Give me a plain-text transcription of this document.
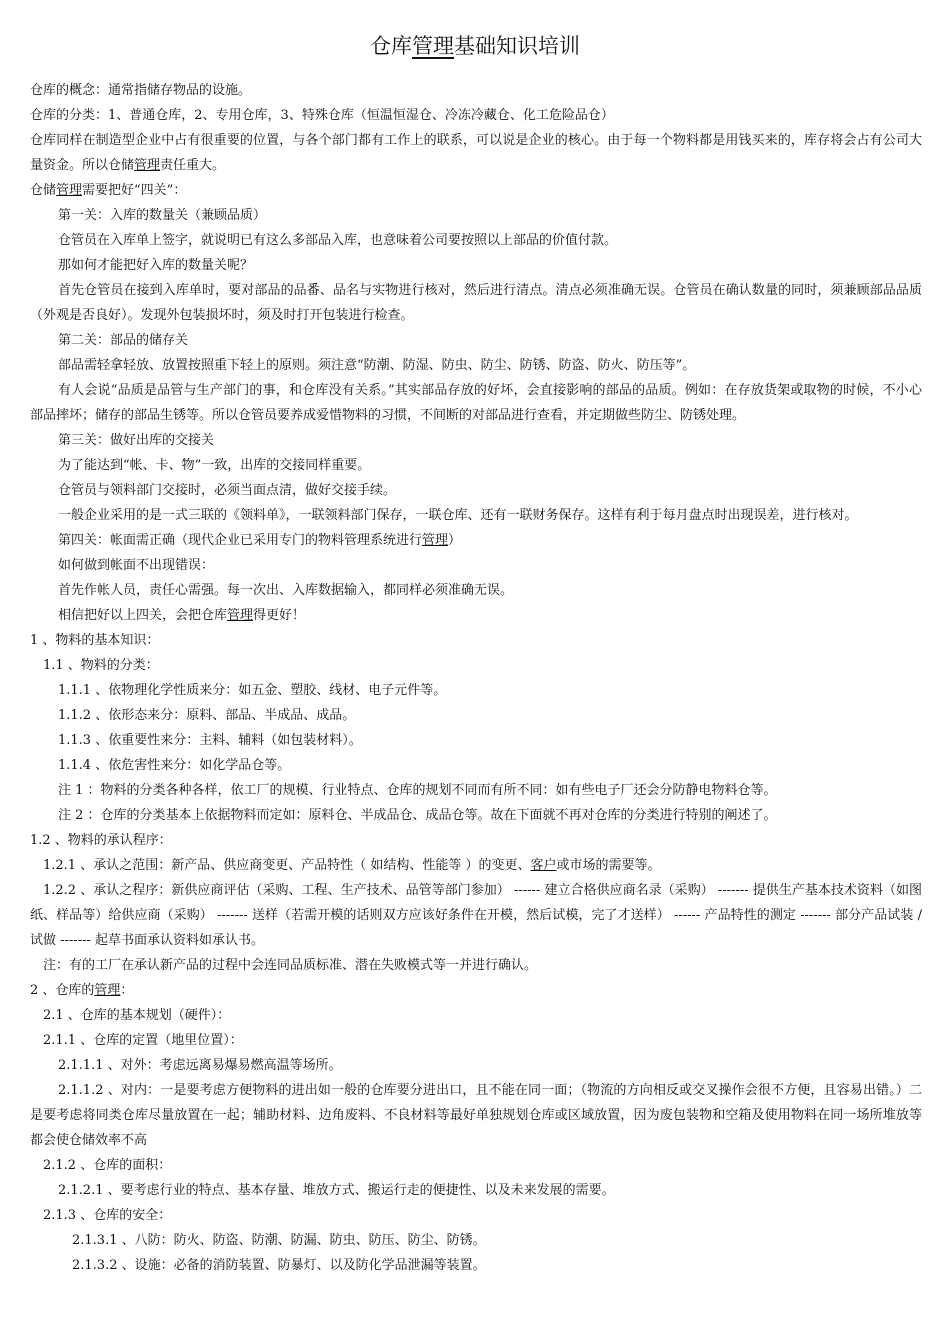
仓库管理基础知识培训

仓库的概念：通常指储存物品的设施。

仓库的分类：1、普通仓库，2、专用仓库，3、特殊仓库（恒温恒湿仓、冷冻冷藏仓、化工危险品仓）

仓库同样在制造型企业中占有很重要的位置，与各个部门都有工作上的联系，可以说是企业的核心。由于每一个物料都是用钱买来的，库存将会占有公司大量资金。所以仓储管理责任重大。

仓储管理需要把好“四关”：

第一关：入库的数量关（兼顾品质）

仓管员在入库单上签字，就说明已有这么多部品入库，也意味着公司要按照以上部品的价值付款。

那如何才能把好入库的数量关呢？

首先仓管员在接到入库单时，要对部品的品番、品名与实物进行核对，然后进行清点。清点必须准确无误。仓管员在确认数量的同时，须兼顾部品品质（外观是否良好）。发现外包装损坏时，须及时打开包装进行检查。

第二关：部品的储存关

部品需轻拿轻放、放置按照重下轻上的原则。须注意“防潮、防湿、防虫、防尘、防锈、防盗、防火、防压等”。

有人会说“品质是品管与生产部门的事，和仓库没有关系。”其实部品存放的好坏，会直接影响的部品的品质。例如：在存放货架或取物的时候，不小心部品摔坏；储存的部品生锈等。所以仓管员要养成爱惜物料的习惯，不间断的对部品进行查看，并定期做些防尘、防锈处理。

第三关：做好出库的交接关

为了能达到“帐、卡、物”一致，出库的交接同样重要。

仓管员与领料部门交接时，必须当面点清，做好交接手续。

一般企业采用的是一式三联的《领料单》，一联领料部门保存，一联仓库、还有一联财务保存。这样有利于每月盘点时出现误差，进行核对。

第四关：帐面需正确（现代企业已采用专门的物料管理系统进行管理）

如何做到帐面不出现错误：

首先作帐人员，责任心需强。每一次出、入库数据输入，都同样必须准确无误。

相信把好以上四关，会把仓库管理得更好！

1 、物料的基本知识：

1.1 、物料的分类：

1.1.1 、依物理化学性质来分：如五金、塑胶、线材、电子元件等。

1.1.2 、依形态来分：原料、部品、半成品、成品。

1.1.3 、依重要性来分：主料、辅料（如包装材料）。

1.1.4 、依危害性来分：如化学品仓等。

注 1 ：物料的分类各种各样，依工厂的规模、行业特点、仓库的规划不同而有所不同：如有些电子厂还会分防静电物料仓等。

注 2 ：仓库的分类基本上依据物料而定如：原料仓、半成品仓、成品仓等。故在下面就不再对仓库的分类进行特别的阐述了。

1.2 、物料的承认程序：

1.2.1 、承认之范围：新产品、供应商变更、产品特性（ 如结构、性能等 ）的变更、客户或市场的需要等。

1.2.2 、承认之程序：新供应商评估（采购、工程、生产技术、品管等部门参加） ------ 建立合格供应商名录（采购） ------- 提供生产基本技术资料（如图纸、样品等）给供应商（采购） ------- 送样（若需开模的话则双方应该好条件在开模，然后试模，完了才送样） ------ 产品特性的测定 ------- 部分产品试装 / 试做 ------- 起草书面承认资料如承认书。

注：有的工厂在承认新产品的过程中会连同品质标准、潜在失败模式等一并进行确认。

2 、仓库的管理：

2.1 、仓库的基本规划（硬件）：

2.1.1 、仓库的定置（地里位置）：

2.1.1.1 、对外：考虑远离易爆易燃高温等场所。

2.1.1.2 、对内：一是要考虑方便物料的进出如一般的仓库要分进出口，且不能在同一面；（物流的方向相反或交叉操作会很不方便，且容易出错。）二是要考虑将同类仓库尽量放置在一起；辅助材料、边角废料、不良材料等最好单独规划仓库或区域放置，因为废包装物和空箱及使用物料在同一场所堆放等都会使仓储效率不高

2.1.2 、仓库的面积：

2.1.2.1 、要考虑行业的特点、基本存量、堆放方式、搬运行走的便捷性、以及未来发展的需要。

2.1.3 、仓库的安全：

2.1.3.1 、八防：防火、防盗、防潮、防漏、防虫、防压、防尘、防锈。

2.1.3.2 、设施：必备的消防装置、防暴灯、以及防化学品泄漏等装置。
